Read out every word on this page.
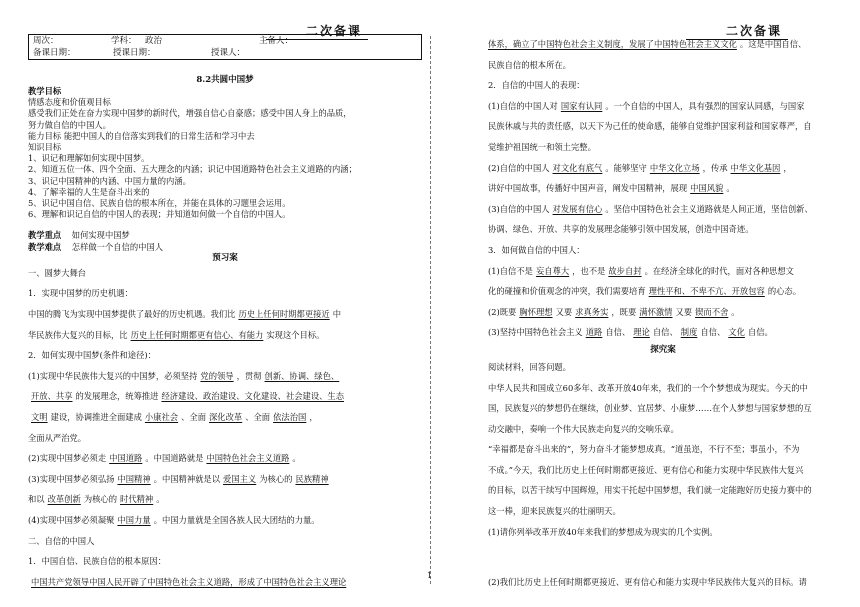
二次备课
周次：	学科： 政治	主备人：
备课日期：	授课日期：	授课人：
8.2共圆中国梦
教学目标
情感态度和价值观目标
感受我们正处在奋力实现中国梦的新时代，增强自信心自豪感；感受中国人身上的品质，
努力做自信的中国人。
能力目标 能把中国人的自信落实到我们的日常生活和学习中去
知识目标
1、识记和理解如何实现中国梦。
2、知道五位一体、四个全面、五大理念的内涵；识记中国道路特色社会主义道路的内涵；
3、识记中国精神的内涵、中国力量的内涵。
4、了解幸福的人生是奋斗出来的
5、识记中国自信、民族自信的根本所在，并能在具体的习题里会运用。
6、理解和识记自信的中国人的表现；并知道如何做一个自信的中国人。
教学重点 如何实现中国梦
教学难点 怎样做一个自信的中国人
预习案
一、圆梦大舞台
1．实现中国梦的历史机遇：
中国的腾飞为实现中国梦提供了最好的历史机遇。我们比 历史上任何时期都更接近 中
华民族伟大复兴的目标，比 历史上任何时期都更有信心、有能力 实现这个目标。
2．如何实现中国梦(条件和途径)：
(1)实现中华民族伟大复兴的中国梦，必须坚持 党的领导 ，贯彻 创新、协调、绿色、
开放、共享 的发展理念，统筹推进 经济建设、政治建设、文化建设、社会建设、生态
文明 建设，协调推进全面建成 小康社会 、全面 深化改革 、全面 依法治国 ，
全面从严治党。
(2)实现中国梦必须走 中国道路 。中国道路就是 中国特色社会主义道路 。
(3)实现中国梦必须弘扬 中国精神 。中国精神就是以 爱国主义 为核心的 民族精神
和以 改革创新 为核心的 时代精神 。
(4)实现中国梦必须凝聚 中国力量 。中国力量就是全国各族人民大团结的力量。
二、自信的中国人
1．中国自信、民族自信的根本原因：
中国共产党领导中国人民开辟了中国特色社会主义道路，形成了中国特色社会主义理论
二次备课
体系，确立了中国特色社会主义制度，发展了中国特色社会主义文化 。这是中国自信、
民族自信的根本所在。
2．自信的中国人的表现：
(1)自信的中国人对 国家有认同 。一个自信的中国人，具有强烈的国家认同感，与国家
民族休戚与共的责任感，以天下为己任的使命感，能够自觉维护国家利益和国家尊严，自
觉维护祖国统一和领土完整。
(2)自信的中国人 对文化有底气 。能够坚守 中华文化立场 ，传承 中华文化基因 ，
讲好中国故事，传播好中国声音，阐发中国精神，展现 中国风貌 。
(3)自信的中国人 对发展有信心 。坚信中国特色社会主义道路就是人间正道，坚信创新、
协调、绿色、开放、共享的发展理念能够引领中国发展，创造中国奇迹。
3．如何做自信的中国人：
(1)自信不是 妄自尊大 ，也不是 故步自封 。在经济全球化的时代，面对各种思想文
化的碰撞和价值观念的冲突，我们需要培育 理性平和、不卑不亢、开放包容 的心态。
(2)既要 胸怀理想 又要 求真务实 ，既要 满怀激情 又要 锲而不舍 。
(3)坚持中国特色社会主义 道路 自信、 理论 自信、 制度 自信、 文化 自信。
探究案
阅读材料，回答问题。
中华人民共和国成立60多年、改革开放40年来，我们的一个个梦想成为现实。今天的中
国，民族复兴的梦想仍在继续，创业梦、宜居梦、小康梦……在个人梦想与国家梦想的互
动交融中，奏响一个伟大民族走向复兴的交响乐章。
“幸福都是奋斗出来的”，努力奋斗才能梦想成真。“道虽迩，不行不至；事虽小，不为
不成。”今天，我们比历史上任何时期都更接近、更有信心和能力实现中华民族伟大复兴
的目标，以苦干续写中国辉煌，用实干托起中国梦想，我们就一定能跑好历史接力赛中的
这一棒，迎来民族复兴的壮丽明天。
(1)请你列举改革开放40年来我们的梦想成为现实的几个实例。
(2)我们比历史上任何时期都更接近、更有信心和能力实现中华民族伟大复兴的目标。请
1
